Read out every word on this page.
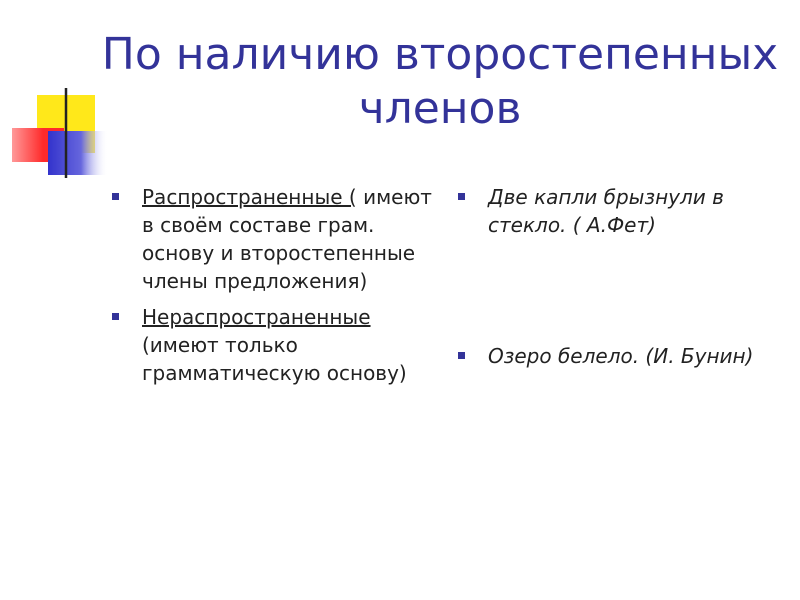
По наличию второстепенных членов
Распространенные ( имеют в своём составе грам. основу и второстепенные члены предложения)
Нераспространенные (имеют только грамматическую основу)
Две капли брызнули в стекло. ( А.Фет)
Озеро белело. (И. Бунин)
